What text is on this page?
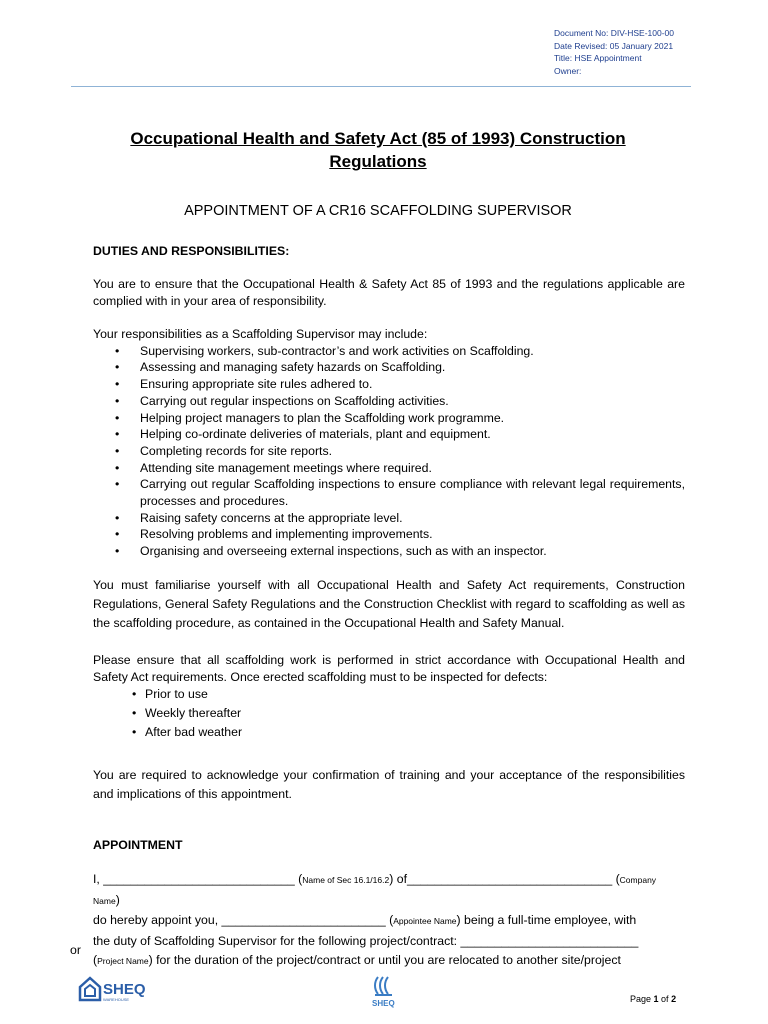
Document No: DIV-HSE-100-00
Date Revised: 05 January 2021
Title: HSE Appointment
Owner:
Occupational Health and Safety Act (85 of 1993) Construction
Regulations
APPOINTMENT OF A CR16 SCAFFOLDING SUPERVISOR
DUTIES AND RESPONSIBILITIES:
You are to ensure that the Occupational Health & Safety Act 85 of 1993 and the regulations applicable are complied with in your area of responsibility.
Your responsibilities as a Scaffolding Supervisor may include:
• Supervising workers, sub-contractor’s and work activities on Scaffolding.
• Assessing and managing safety hazards on Scaffolding.
• Ensuring appropriate site rules adhered to.
• Carrying out regular inspections on Scaffolding activities.
• Helping project managers to plan the Scaffolding work programme.
• Helping co-ordinate deliveries of materials, plant and equipment.
• Completing records for site reports.
• Attending site management meetings where required.
• Carrying out regular Scaffolding inspections to ensure compliance with relevant legal requirements, processes and procedures.
• Raising safety concerns at the appropriate level.
• Resolving problems and implementing improvements.
• Organising and overseeing external inspections, such as with an inspector.
You must familiarise yourself with all Occupational Health and Safety Act requirements, Construction Regulations, General Safety Regulations and the Construction Checklist with regard to scaffolding as well as the scaffolding procedure, as contained in the Occupational Health and Safety Manual.
Please ensure that all scaffolding work is performed in strict accordance with Occupational Health and Safety Act requirements. Once erected scaffolding must to be inspected for defects:
• Prior to use
• Weekly thereafter
• After bad weather
You are required to acknowledge your confirmation of training and your acceptance of the responsibilities and implications of this appointment.
APPOINTMENT
I, ____________________________ (Name of Sec 16.1/16.2) of______________________________ (Company Name)
do hereby appoint you, ________________________ (Appointee Name) being a full-time employee, with
the duty of Scaffolding Supervisor for the following project/contract: __________________________
(Project Name) for the duration of the project/contract or until you are relocated to another site/project
or
SHEQ
WAREHOUSE	SHEQ	Page 1 of 2
